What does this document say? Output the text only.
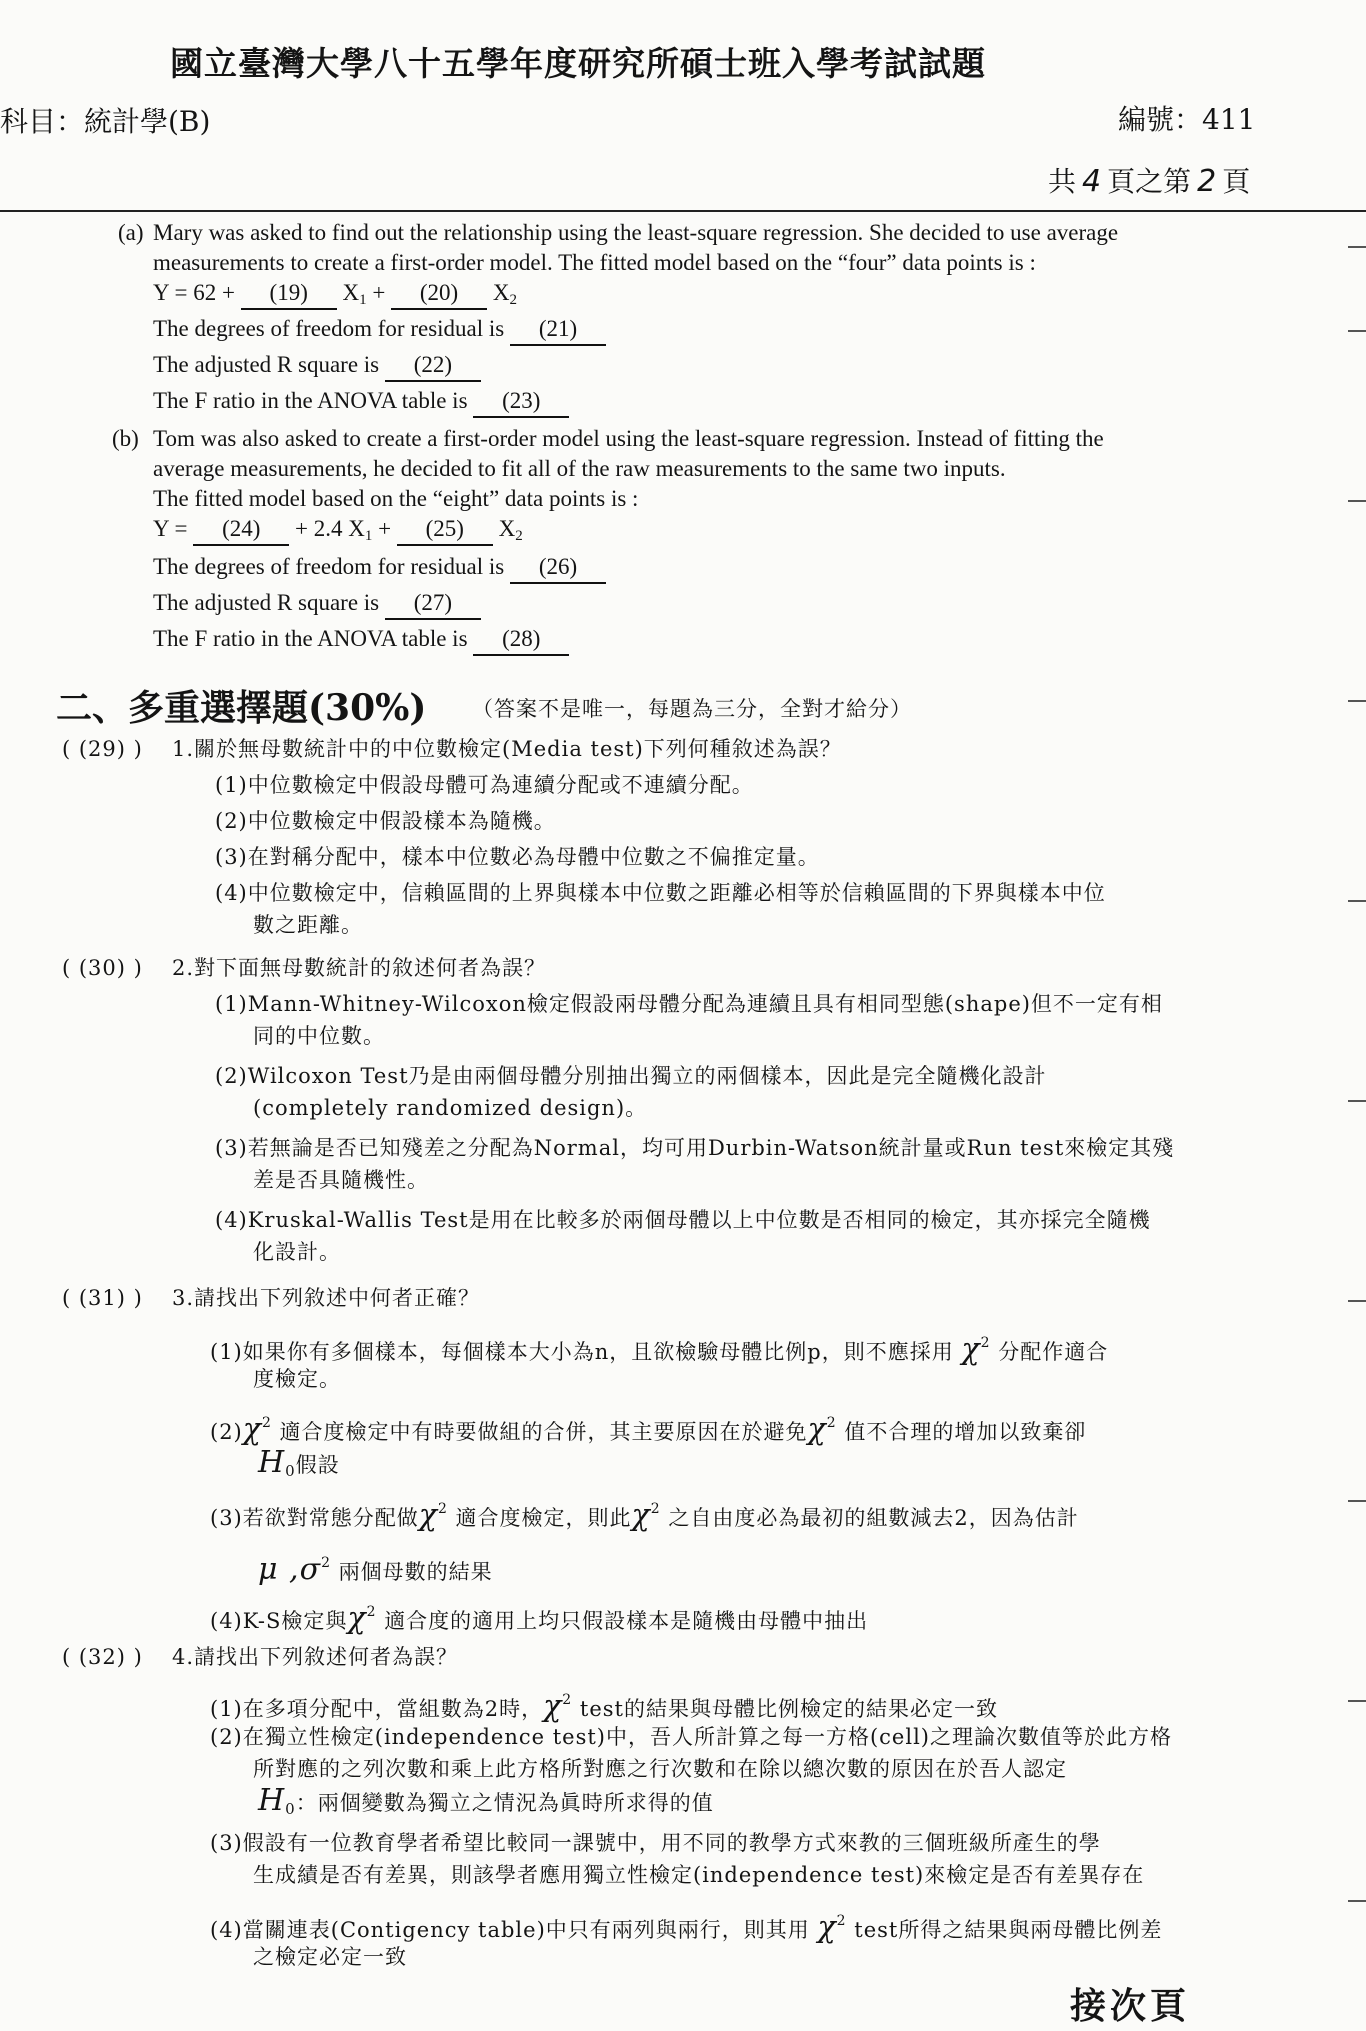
國立臺灣大學八十五學年度研究所碩士班入學考試試題
科目：統計學(B)	編號：411
共 4 頁之第 2 頁
(a) Mary was asked to find out the relationship using the least-square regression. She decided to use average
measurements to create a first-order model. The fitted model based on the “four” data points is :
Y = 62 + (19) $X_1 + (20)$ $X_2$
The degrees of freedom for residual is (21)
The adjusted R square is (22)
The F ratio in the ANOVA table is (23)
(b) Tom was also asked to create a first-order model using the least-square regression. Instead of fitting the
average measurements, he decided to fit all of the raw measurements to the same two inputs.
The fitted model based on the “eight” data points is :
Y = (24) + 2.4 $X_1 + (25)$ $X_2$
The degrees of freedom for residual is (26)
The adjusted R square is (27)
The F ratio in the ANOVA table is (28)
二、多重選擇題(30%) （答案不是唯一，每題為三分，全對才給分）
( (29) ) 1.關於無母數統計中的中位數檢定(Media test)下列何種敘述為誤？
(1)中位數檢定中假設母體可為連續分配或不連續分配。
(2)中位數檢定中假設樣本為隨機。
(3)在對稱分配中，樣本中位數必為母體中位數之不偏推定量。
(4)中位數檢定中，信賴區間的上界與樣本中位數之距離必相等於信賴區間的下界與樣本中位
數之距離。
( (30) ) 2.對下面無母數統計的敘述何者為誤？
(1)Mann-Whitney-Wilcoxon檢定假設兩母體分配為連續且具有相同型態(shape)但不一定有相
同的中位數。
(2)Wilcoxon Test乃是由兩個母體分別抽出獨立的兩個樣本，因此是完全隨機化設計
(completely randomized design)。
(3)若無論是否已知殘差之分配為Normal，均可用Durbin-Watson統計量或Run test來檢定其殘
差是否具隨機性。
(4)Kruskal-Wallis Test是用在比較多於兩個母體以上中位數是否相同的檢定，其亦採完全隨機
化設計。
( (31) ) 3.請找出下列敘述中何者正確？
(1)如果你有多個樣本，每個樣本大小為n，且欲檢驗母體比例p，則不應採用 $\chi^2$ 分配作適合
度檢定。
$(2)\chi^2$ 適合度檢定中有時要做組的合併，其主要原因在於避免$\chi^2$ 值不合理的增加以致棄卻
$H_0$假設
(3)若欲對常態分配做$\chi^2$ 適合度檢定，則此$\chi^2$ 之自由度必為最初的組數減去2，因為估計
μ $,\sigma^2$ 兩個母數的結果
(4)K-S檢定與$\chi^2$ 適合度的適用上均只假設樣本是隨機由母體中抽出
( (32) ) 4.請找出下列敘述何者為誤？
(1)在多項分配中，當組數為2時，$\chi^2$ test的結果與母體比例檢定的結果必定一致
(2)在獨立性檢定(independence test)中，吾人所計算之每一方格(cell)之理論次數值等於此方格
所對應的之列次數和乘上此方格所對應之行次數和在除以總次數的原因在於吾人認定
$H_0$：兩個變數為獨立之情況為眞時所求得的值
(3)假設有一位教育學者希望比較同一課號中，用不同的教學方式來教的三個班級所產生的學
生成績是否有差異，則該學者應用獨立性檢定(independence test)來檢定是否有差異存在
(4)當關連表(Contigency table)中只有兩列與兩行，則其用 $\chi^2$ test所得之結果與兩母體比例差
之檢定必定一致
接次頁
